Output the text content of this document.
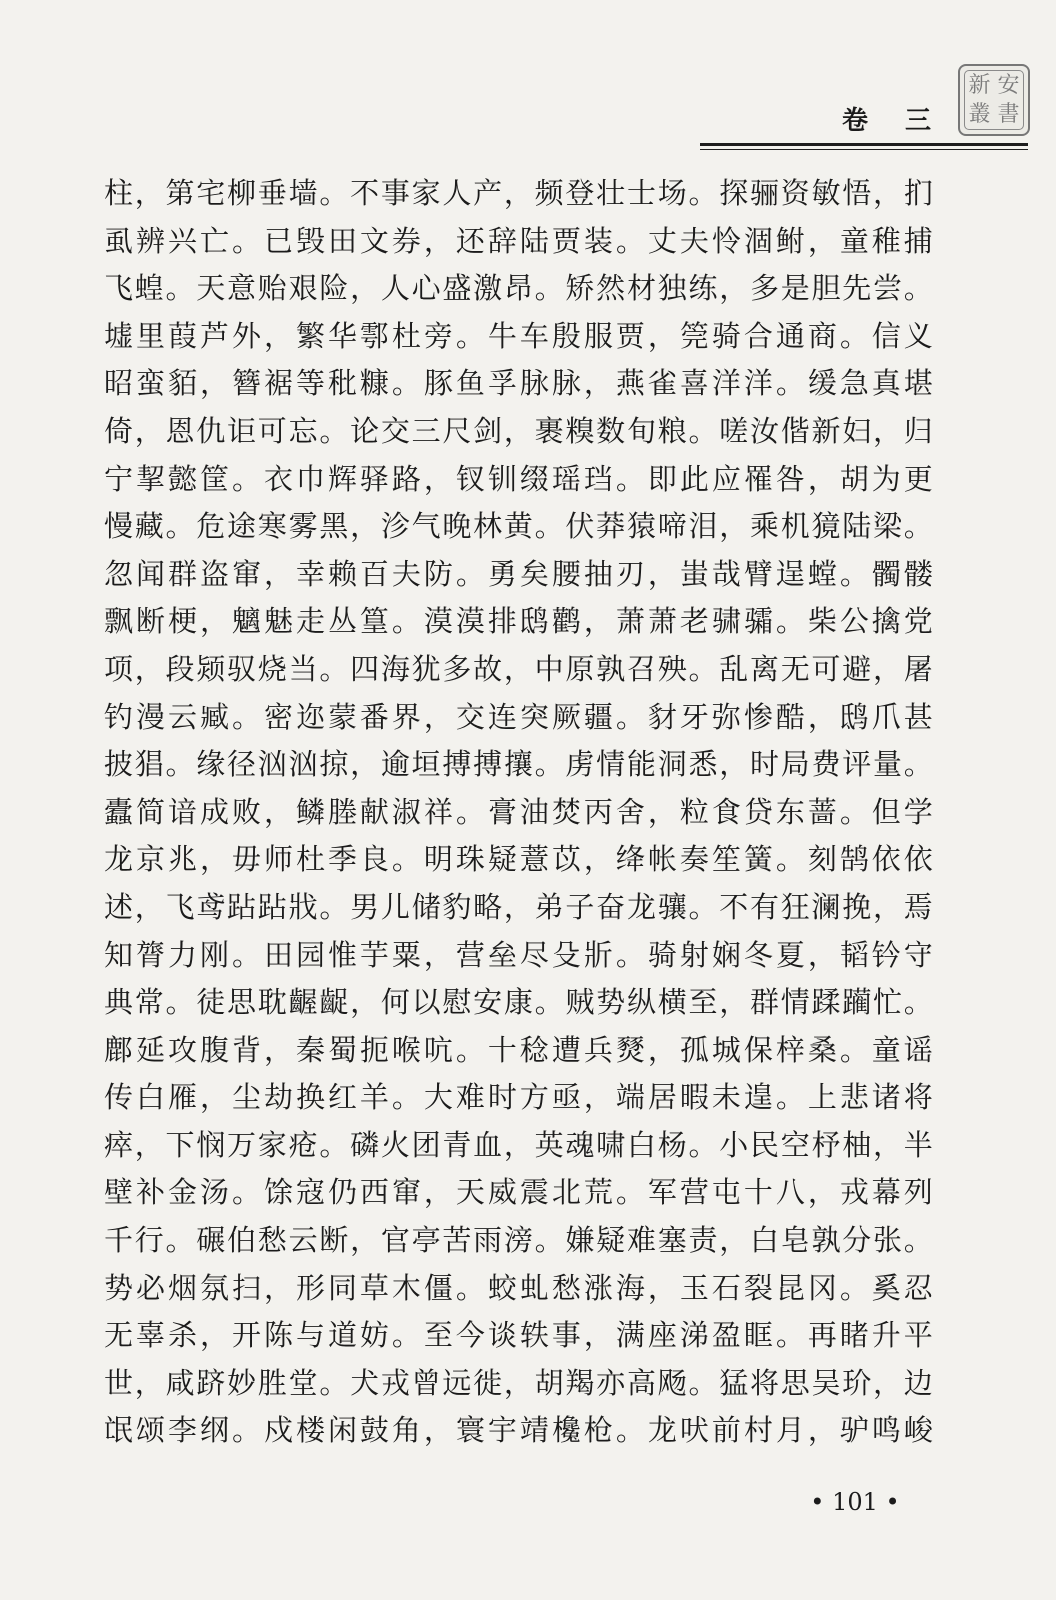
新 安
叢 書
卷 三
柱，第宅柳垂墙。不事家人产，频登壮士场。探骊资敏悟，扪
虱辨兴亡。已毁田文券，还辞陆贾装。丈夫怜涸鲋，童稚捕
飞蝗。天意贻艰险，人心盛激昂。矫然材独练，多是胆先尝。
墟里葭芦外，繁华鄠杜旁。牛车殷服贾，筦骑合通商。信义
昭蛮貊，簪裾等秕糠。豚鱼孚脉脉，燕雀喜洋洋。缓急真堪
倚，恩仇讵可忘。论交三尺剑，裹糗数旬粮。嗟汝偕新妇，归
宁挈懿筐。衣巾辉驿路，钗钏缀瑶珰。即此应罹咎，胡为更
慢藏。危途寒雾黑，沴气晚林黄。伏莽猿啼泪，乘机獍陆梁。
忽闻群盗窜，幸赖百夫防。勇矣腰抽刃，蚩哉臂逞螳。髑髅
飘断梗，魑魅走丛篁。漠漠排鸱鹳，萧萧老骕骦。柴公擒党
项，段颎驭烧当。四海犹多故，中原孰召殃。乱离无可避，屠
钓漫云臧。密迩蒙番界，交连突厥疆。豺牙弥惨酷，鸱爪甚
披猖。缘径汹汹掠，逾垣搏搏攘。虏情能洞悉，时局费评量。
蠹简谙成败，鳞塍献淑祥。膏油焚丙舍，粒食贷东蔷。但学
龙京兆，毋师杜季良。明珠疑薏苡，绛帐奏笙簧。刻鹄依依
述，飞鸢跕跕戕。男儿储豹略，弟子奋龙骧。不有狂澜挽，焉
知膂力刚。田园惟芋粟，营垒尽殳斨。骑射娴冬夏，韬钤守
典常。徒思耽齷齪，何以慰安康。贼势纵横至，群情蹂躏忙。
鄜延攻腹背，秦蜀扼喉吭。十稔遭兵燹，孤城保梓桑。童谣
传白雁，尘劫换红羊。大难时方亟，端居暇未遑。上悲诸将
瘁，下悯万家疮。磷火团青血，英魂啸白杨。小民空杼柚，半
壁补金汤。馀寇仍西窜，天威震北荒。军营屯十八，戎幕列
千行。碾伯愁云断，官亭苦雨滂。嫌疑难塞责，白皂孰分张。
势必烟氛扫，形同草木僵。蛟虬愁涨海，玉石裂昆冈。奚忍
无辜杀，开陈与道妨。至今谈轶事，满座涕盈眶。再睹升平
世，咸跻妙胜堂。犬戎曾远徙，胡羯亦高飏。猛将思吴玠，边
氓颂李纲。戍楼闲鼓角，寰宇靖欃枪。龙吠前村月，驴鸣峻
• 101 •
